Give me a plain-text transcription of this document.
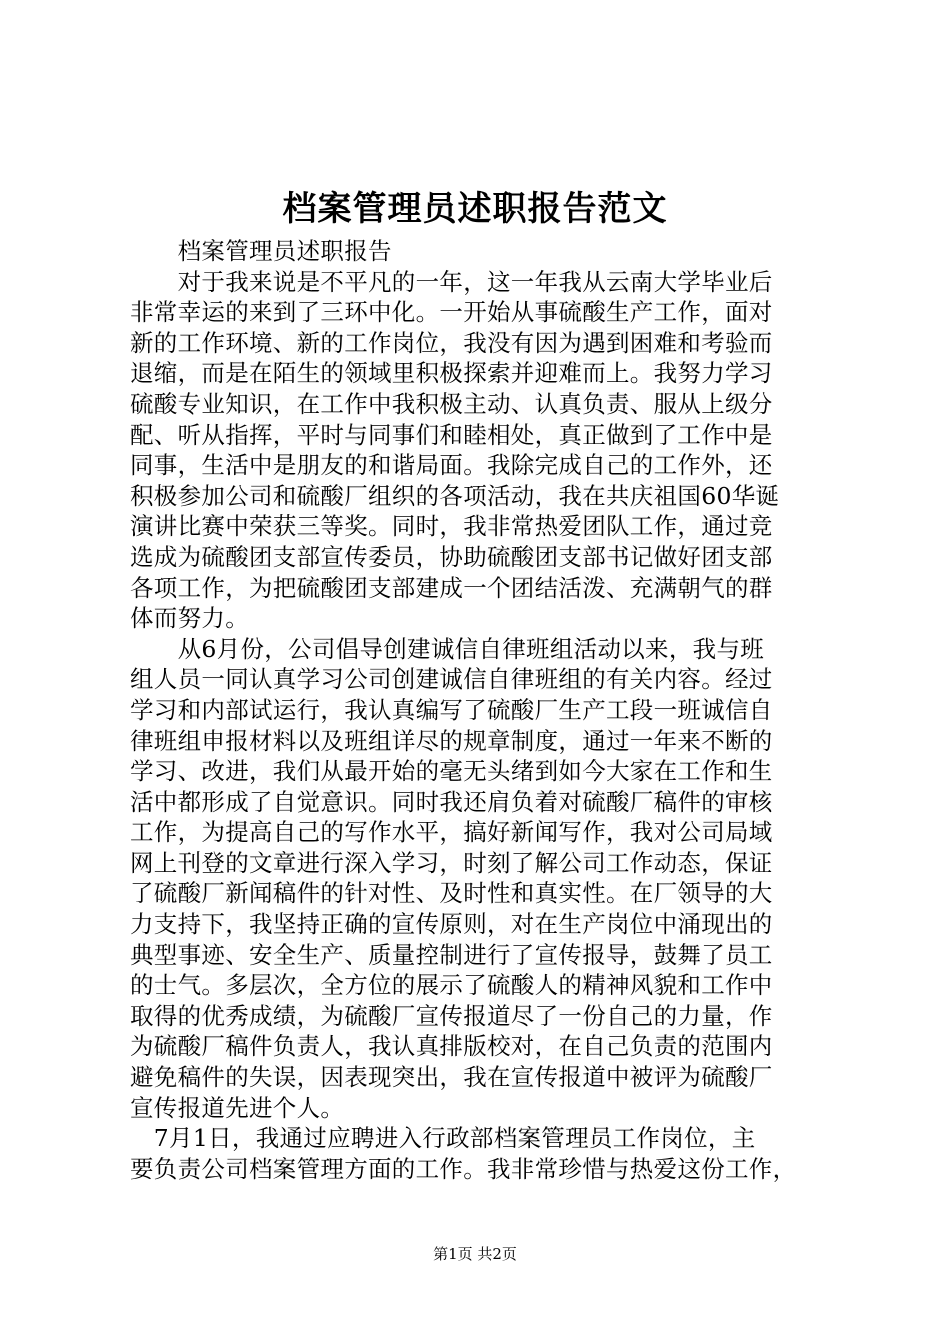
档案管理员述职报告范文
　　档案管理员述职报告
　　对于我来说是不平凡的一年，这一年我从云南大学毕业后
非常幸运的来到了三环中化。一开始从事硫酸生产工作，面对
新的工作环境、新的工作岗位，我没有因为遇到困难和考验而
退缩，而是在陌生的领域里积极探索并迎难而上。我努力学习
硫酸专业知识，在工作中我积极主动、认真负责、服从上级分
配、听从指挥，平时与同事们和睦相处，真正做到了工作中是
同事，生活中是朋友的和谐局面。我除完成自己的工作外，还
积极参加公司和硫酸厂组织的各项活动，我在共庆祖国60华诞
演讲比赛中荣获三等奖。同时，我非常热爱团队工作，通过竞
选成为硫酸团支部宣传委员，协助硫酸团支部书记做好团支部
各项工作，为把硫酸团支部建成一个团结活泼、充满朝气的群
体而努力。
　　从6月份，公司倡导创建诚信自律班组活动以来，我与班
组人员一同认真学习公司创建诚信自律班组的有关内容。经过
学习和内部试运行，我认真编写了硫酸厂生产工段一班诚信自
律班组申报材料以及班组详尽的规章制度，通过一年来不断的
学习、改进，我们从最开始的毫无头绪到如今大家在工作和生
活中都形成了自觉意识。同时我还肩负着对硫酸厂稿件的审核
工作，为提高自己的写作水平，搞好新闻写作，我对公司局域
网上刊登的文章进行深入学习，时刻了解公司工作动态，保证
了硫酸厂新闻稿件的针对性、及时性和真实性。在厂领导的大
力支持下，我坚持正确的宣传原则，对在生产岗位中涌现出的
典型事迹、安全生产、质量控制进行了宣传报导，鼓舞了员工
的士气。多层次，全方位的展示了硫酸人的精神风貌和工作中
取得的优秀成绩，为硫酸厂宣传报道尽了一份自己的力量，作
为硫酸厂稿件负责人，我认真排版校对，在自己负责的范围内
避免稿件的失误，因表现突出，我在宣传报道中被评为硫酸厂
宣传报道先进个人。
　7月1日，我通过应聘进入行政部档案管理员工作岗位，主
要负责公司档案管理方面的工作。我非常珍惜与热爱这份工作，
第1页 共2页
